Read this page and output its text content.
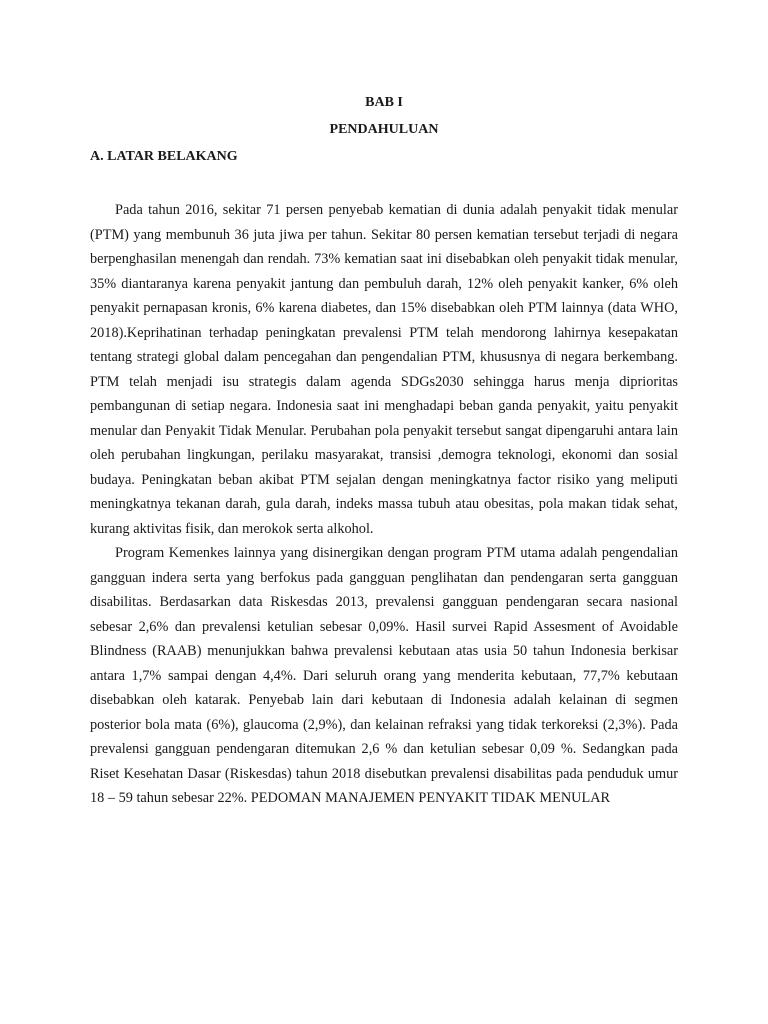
BAB I
PENDAHULUAN
A. LATAR BELAKANG

Pada tahun 2016, sekitar 71 persen penyebab kematian di dunia adalah penyakit tidak menular (PTM) yang membunuh 36 juta jiwa per tahun. Sekitar 80 persen kematian tersebut terjadi di negara berpenghasilan menengah dan rendah. 73% kematian saat ini disebabkan oleh penyakit tidak menular, 35% diantaranya karena penyakit jantung dan pembuluh darah, 12% oleh penyakit kanker, 6% oleh penyakit pernapasan kronis, 6% karena diabetes, dan 15% disebabkan oleh PTM lainnya (data WHO, 2018).Keprihatinan terhadap peningkatan prevalensi PTM telah mendorong lahirnya kesepakatan tentang strategi global dalam pencegahan dan pengendalian PTM, khususnya di negara berkembang. PTM telah menjadi isu strategis dalam agenda SDGs2030 sehingga harus menja diprioritas pembangunan di setiap negara. Indonesia saat ini menghadapi beban ganda penyakit, yaitu penyakit menular dan Penyakit Tidak Menular. Perubahan pola penyakit tersebut sangat dipengaruhi antara lain oleh perubahan lingkungan, perilaku masyarakat, transisi ,demogra teknologi, ekonomi dan sosial budaya. Peningkatan beban akibat PTM sejalan dengan meningkatnya factor risiko yang meliputi meningkatnya tekanan darah, gula darah, indeks massa tubuh atau obesitas, pola makan tidak sehat, kurang aktivitas fisik, dan merokok serta alkohol.

Program Kemenkes lainnya yang disinergikan dengan program PTM utama adalah pengendalian gangguan indera serta yang berfokus pada gangguan penglihatan dan pendengaran serta gangguan disabilitas. Berdasarkan data Riskesdas 2013, prevalensi gangguan pendengaran secara nasional sebesar 2,6% dan prevalensi ketulian sebesar 0,09%. Hasil survei Rapid Assesment of Avoidable Blindness (RAAB) menunjukkan bahwa prevalensi kebutaan atas usia 50 tahun Indonesia berkisar antara 1,7% sampai dengan 4,4%. Dari seluruh orang yang menderita kebutaan, 77,7% kebutaan disebabkan oleh katarak. Penyebab lain dari kebutaan di Indonesia adalah kelainan di segmen posterior bola mata (6%), glaucoma (2,9%), dan kelainan refraksi yang tidak terkoreksi (2,3%). Pada prevalensi gangguan pendengaran ditemukan 2,6 % dan ketulian sebesar 0,09 %. Sedangkan pada Riset Kesehatan Dasar (Riskesdas) tahun 2018 disebutkan prevalensi disabilitas pada penduduk umur 18 – 59 tahun sebesar 22%. PEDOMAN MANAJEMEN PENYAKIT TIDAK MENULAR
